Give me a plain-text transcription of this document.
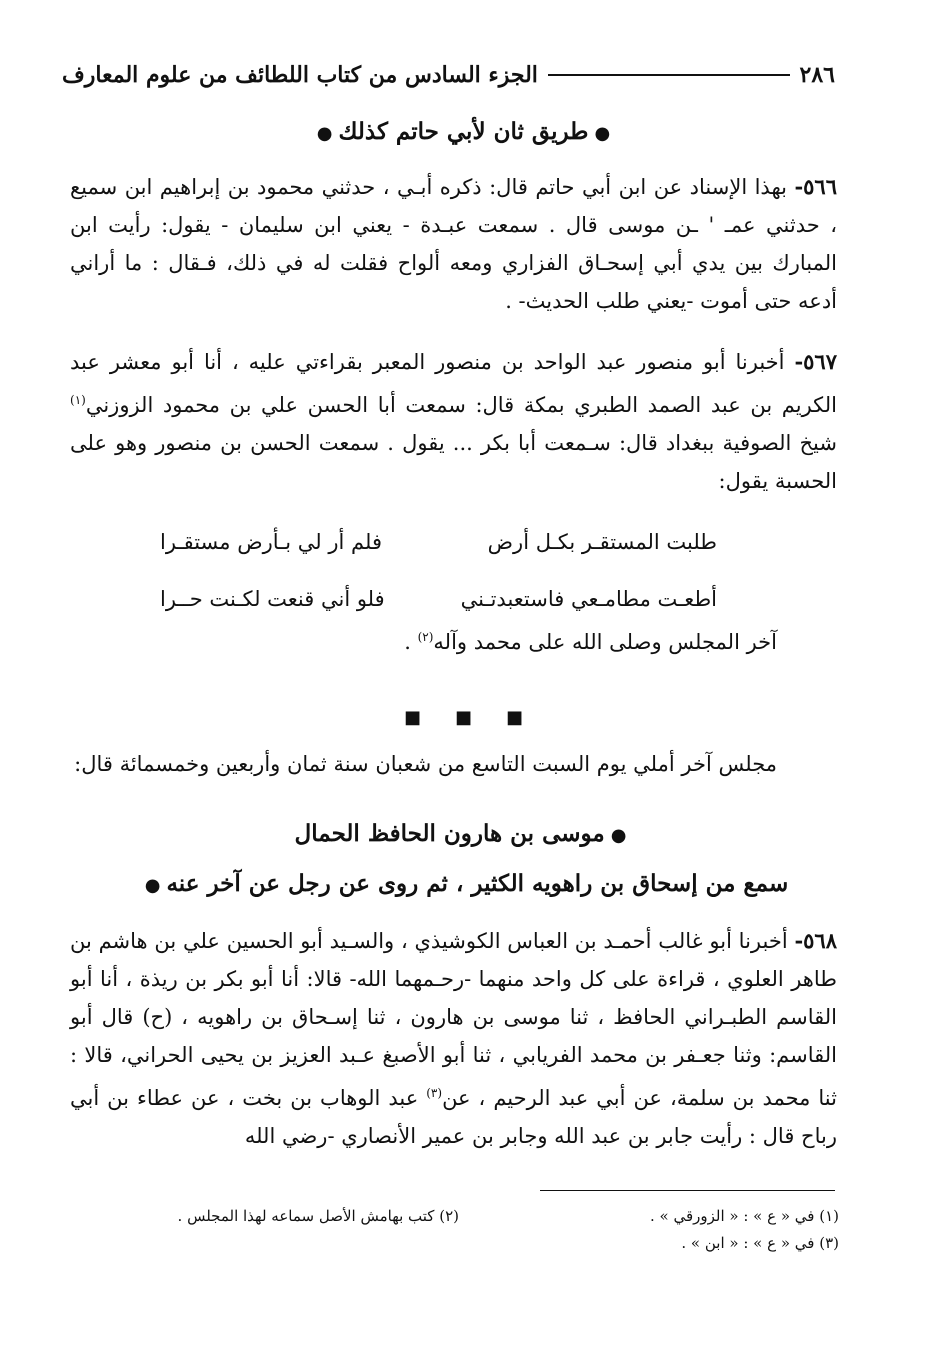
٢٨٦
الجزء السادس من كتاب اللطائف من علوم المعارف
●طريق ثان لأبي حاتم كذلك●
٥٦٦- بهذا الإسناد عن ابن أبي حاتم قال: ذكره أبـي ، حدثني محمود بن إبراهيم ابن سميع ، حدثني عمـ ' ـن موسى قال . سمعت عبـدة - يعني ابن سليمان - يقول: رأيت ابن المبارك بين يدي أبي إسحـاق الفزاري ومعه ألواح فقلت له في ذلك، فـقال : ما أراني أدعه حتى أموت -يعني طلب الحديث- .
٥٦٧- أخبرنا أبو منصور عبد الواحد بن منصور المعبر بقراءتي عليه ، أنا أبو معشر عبد الكريم بن عبد الصمد الطبري بمكة قال: سمعت أبا الحسن علي بن محمود الزوزني$^{(١)}$ شيخ الصوفية ببغداد قال: سـمعت أبا بكر ... يقول . سمعت الحسن بن منصور وهو على الحسبة يقول:
طلبت المستقـر بكـل أرض
فلم أر لي بـأرض مستقـرا
أطعـت مطامـعي فاستعبدتـني
فلو أني قنعت لكـنت حــرا
آخر المجلس وصلى الله على محمد وآله$^{(٢)}$ .
■ ■ ■
مجلس آخر أملي يوم السبت التاسع من شعبان سنة ثمان وأربعين وخمسمائة قال:
●موسى بن هارون الحافظ الحمال
سمع من إسحاق بن راهويه الكثير ، ثم روى عن رجل عن آخر عنه●
٥٦٨- أخبرنا أبو غالب أحمـد بن العباس الكوشيذي ، والسـيد أبو الحسين علي بن هاشم بن طاهر العلوي ، قراءة على كل واحد منهما -رحـمهما الله- قالا: أنا أبو بكر بن ريذة ، أنا أبو القاسم الطبـراني الحافظ ، ثنا موسى بن هارون ، ثنا إسـحاق بن راهويه ، (ح) قال أبو القاسم: وثنا جعـفر بن محمد الفريابي ، ثنا أبو الأصبغ عـبد العزيز بن يحيى الحراني، قالا : ثنا محمد بن سلمة، عن أبي عبد الرحيم ، عن$^{(٣)}$ عبد الوهاب بن بخت ، عن عطاء بن أبي رباح قال : رأيت جابر بن عبد الله وجابر بن عمير الأنصاري -رضي الله
(١) في « ع » : « الزورقي » .
(٣) في « ع » : « ابن » .
(٢) كتب بهامش الأصل سماعه لهذا المجلس .
